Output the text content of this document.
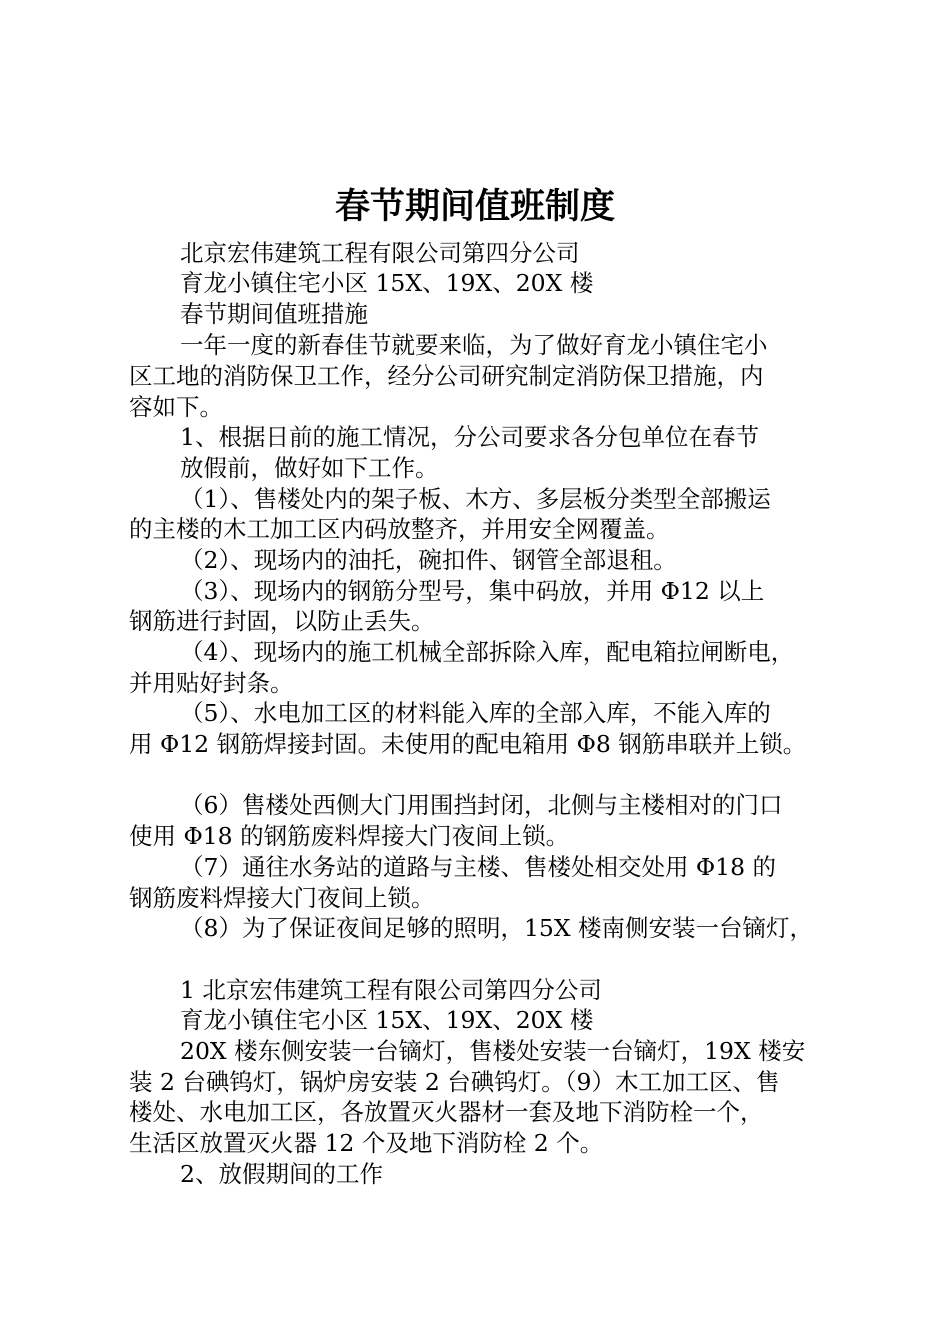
春节期间值班制度
北京宏伟建筑工程有限公司第四分公司
育龙小镇住宅小区 15X、19X、20X 楼
春节期间值班措施
一年一度的新春佳节就要来临，为了做好育龙小镇住宅小
区工地的消防保卫工作，经分公司研究制定消防保卫措施，内
容如下。
1、根据日前的施工情况，分公司要求各分包单位在春节
放假前，做好如下工作。
（1）、售楼处内的架子板、木方、多层板分类型全部搬运
的主楼的木工加工区内码放整齐，并用安全网覆盖。
（2）、现场内的油托，碗扣件、钢管全部退租。
（3）、现场内的钢筋分型号，集中码放，并用 Φ12 以上
钢筋进行封固，以防止丢失。
（4）、现场内的施工机械全部拆除入库，配电箱拉闸断电，
并用贴好封条。
（5）、水电加工区的材料能入库的全部入库，不能入库的
用 Φ12 钢筋焊接封固。未使用的配电箱用 Φ8 钢筋串联并上锁。
（6）售楼处西侧大门用围挡封闭，北侧与主楼相对的门口
使用 Φ18 的钢筋废料焊接大门夜间上锁。
（7）通往水务站的道路与主楼、售楼处相交处用 Φ18 的
钢筋废料焊接大门夜间上锁。
（8）为了保证夜间足够的照明，15X 楼南侧安装一台镝灯，
1 北京宏伟建筑工程有限公司第四分公司
育龙小镇住宅小区 15X、19X、20X 楼
20X 楼东侧安装一台镝灯，售楼处安装一台镝灯，19X 楼安
装 2 台碘钨灯，锅炉房安装 2 台碘钨灯。（9）木工加工区、售
楼处、水电加工区，各放置灭火器材一套及地下消防栓一个，
生活区放置灭火器 12 个及地下消防栓 2 个。
2、放假期间的工作
